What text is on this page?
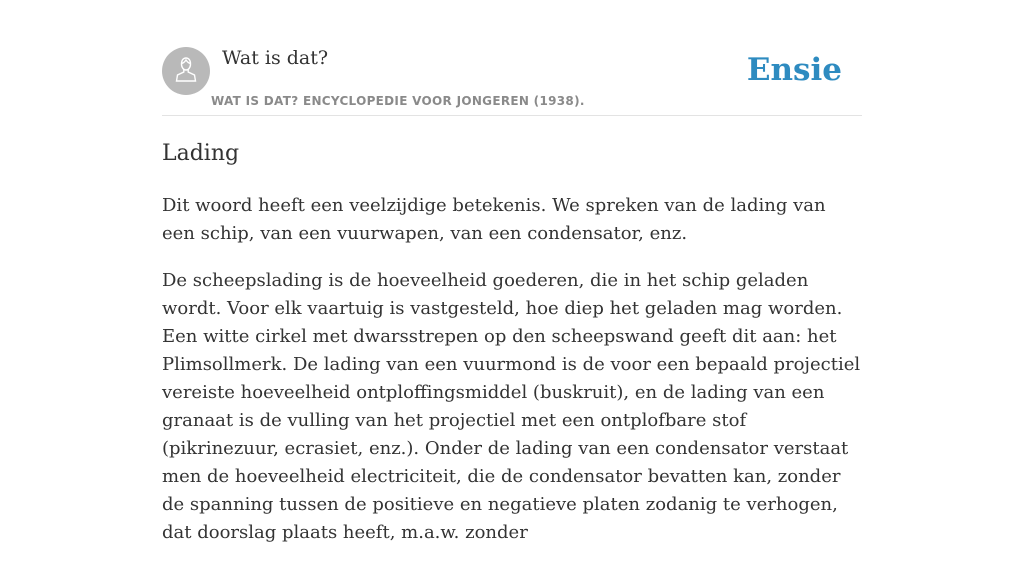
Wat is dat?
WAT IS DAT? ENCYCLOPEDIE VOOR JONGEREN (1938).
Ensie
Lading

Dit woord heeft een veelzijdige betekenis. We spreken van de lading van een schip, van een vuurwapen, van een condensator, enz.

De scheepslading is de hoeveelheid goederen, die in het schip geladen wordt. Voor elk vaartuig is vastgesteld, hoe diep het geladen mag worden. Een witte cirkel met dwarsstrepen op den scheepswand geeft dit aan: het Plimsollmerk. De lading van een vuurmond is de voor een bepaald projectiel vereiste hoeveelheid ontploffingsmiddel (buskruit), en de lading van een granaat is de vulling van het projectiel met een ontplofbare stof (pikrinezuur, ecrasiet, enz.). Onder de lading van een condensator verstaat men de hoeveelheid electriciteit, die de condensator bevatten kan, zonder de spanning tussen de positieve en negatieve platen zodanig te verhogen, dat doorslag plaats heeft, m.a.w. zonder
